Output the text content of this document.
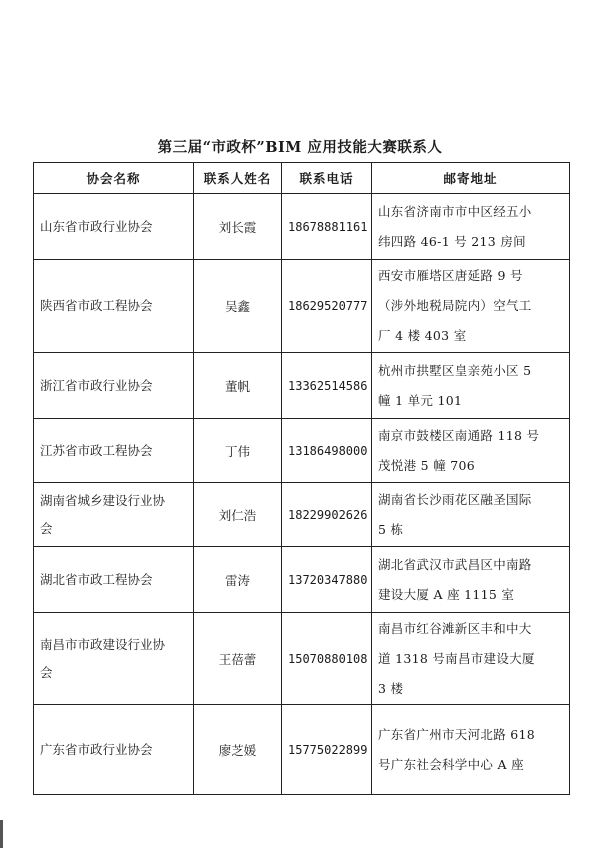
第三届“市政杯”BIM 应用技能大赛联系人
协会名称	联系人姓名	联系电话	邮寄地址

山东省市政行业协会	刘长霞	18678881161	山东省济南市市中区经五小
纬四路 46-1 号 213 房间

陕西省市政工程协会	吴鑫	18629520777	西安市雁塔区唐延路 9 号
（涉外地税局院内）空气工
厂 4 楼 403 室

浙江省市政行业协会	董帆	13362514586	杭州市拱墅区皇亲苑小区 5
幢 1 单元 101

江苏省市政工程协会	丁伟	13186498000	南京市鼓楼区南通路 118 号
茂悦港 5 幢 706

湖南省城乡建设行业协
会	刘仁浩	18229902626	湖南省长沙雨花区融圣国际
5 栋

湖北省市政工程协会	雷涛	13720347880	湖北省武汉市武昌区中南路
建设大厦 A 座 1115 室

南昌市市政建设行业协
会	王蓓蕾	15070880108	南昌市红谷滩新区丰和中大
道 1318 号南昌市建设大厦
3 楼

广东省市政行业协会	廖芝媛	15775022899	广东省广州市天河北路 618
号广东社会科学中心 A 座
